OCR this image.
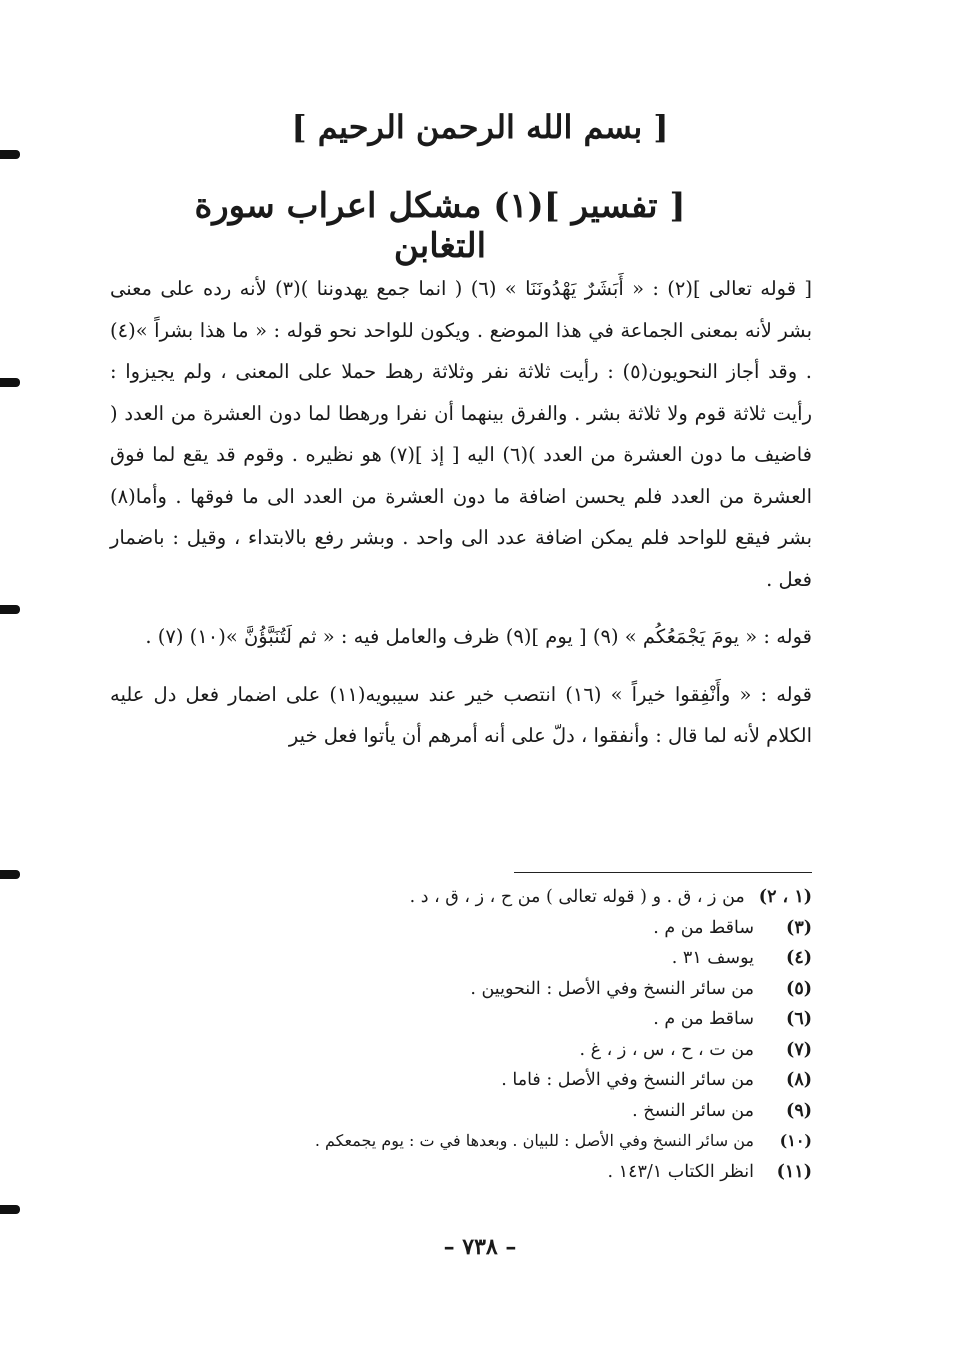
[ بسم الله الرحمن الرحيم ]
[ تفسير ](١) مشكل اعراب سورة التغابن

[ قوله تعالى ](٢) : « أَبَشَرٌ يَهْدُونَنَا » (٦) ( انما جمع يهدوننا )(٣) لأنه رده على معنى بشر لأنه بمعنى الجماعة في هذا الموضع . ويكون للواحد نحو قوله : « ما هذا بشراً »(٤) . وقد أجاز النحويون(٥) : رأيت ثلاثة نفر وثلاثة رهط حملا على المعنى ، ولم يجيزوا : رأيت ثلاثة قوم ولا ثلاثة بشر . والفرق بينهما أن نفرا ورهطا لما دون العشرة من العدد ( فاضيف ما دون العشرة من العدد )(٦) اليه [ إذ ](٧) هو نظيره . وقوم قد يقع لما فوق العشرة من العدد فلم يحسن اضافة ما دون العشرة من العدد الى ما فوقها . وأما(٨) بشر فيقع للواحد فلم يمكن اضافة عدد الى واحد . وبشر رفع بالابتداء ، وقيل : باضمار فعل .

قوله : « يومَ يَجْمَعُكُم » (٩) [ يوم ](٩) ظرف والعامل فيه : « ثم لَتُنَبَّؤُنَّ »(١٠) (٧) .

قوله : « وأَنْفِقوا خيراً » (١٦) انتصب خير عند سيبويه(١١) على اضمار فعل دل عليه الكلام لأنه لما قال : وأنفقوا ، دلّ على أنه أمرهم أن يأتوا فعل خير

(١ ، ٢)
من ز ، ق . و ( قوله تعالى ) من ح ، ز ، ق ، د .
(٣)
ساقط من م .
(٤)
يوسف ٣١ .
(٥)
من سائر النسخ وفي الأصل : النحويين .
(٦)
ساقط من م .
(٧)
من ت ، ح ، س ، ز ، غ .
(٨)
من سائر النسخ وفي الأصل : فاما .
(٩)
من سائر النسخ .
(١٠)
من سائر النسخ وفي الأصل : للبيان . وبعدها في ت : يوم يجمعكم .
(١١)
انظر الكتاب ١٤٣/١ .
– ٧٣٨ –
